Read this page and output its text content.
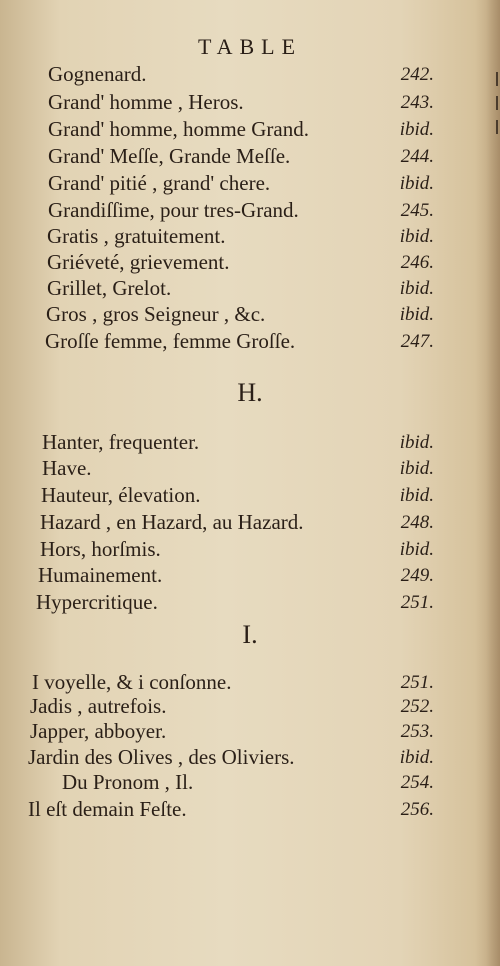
TABLE
Gognenard.	242.
Grand' homme , Heros.	243.
Grand' homme, homme Grand.	ibid.
Grand' Meſſe, Grande Meſſe.	244.
Grand' pitié , grand' chere.	ibid.
Grandiſſime, pour tres-Grand.	245.
Gratis , gratuitement.	ibid.
Griéveté, grievement.	246.
Grillet, Grelot.	ibid.
Gros , gros Seigneur , &c.	ibid.
Groſſe femme, femme Groſſe.	247.
H.
Hanter, frequenter.	ibid.
Have.	ibid.
Hauteur, élevation.	ibid.
Hazard , en Hazard, au Hazard.	248.
Hors, horſmis.	ibid.
Humainement.	249.
Hypercritique.	251.
I.
I voyelle, & i conſonne.	251.
Jadis , autrefois.	252.
Japper, abboyer.	253.
Jardin des Olives , des Oliviers.	ibid.
Du Pronom , Il.	254.
Il eſt demain Feſte.	256.
